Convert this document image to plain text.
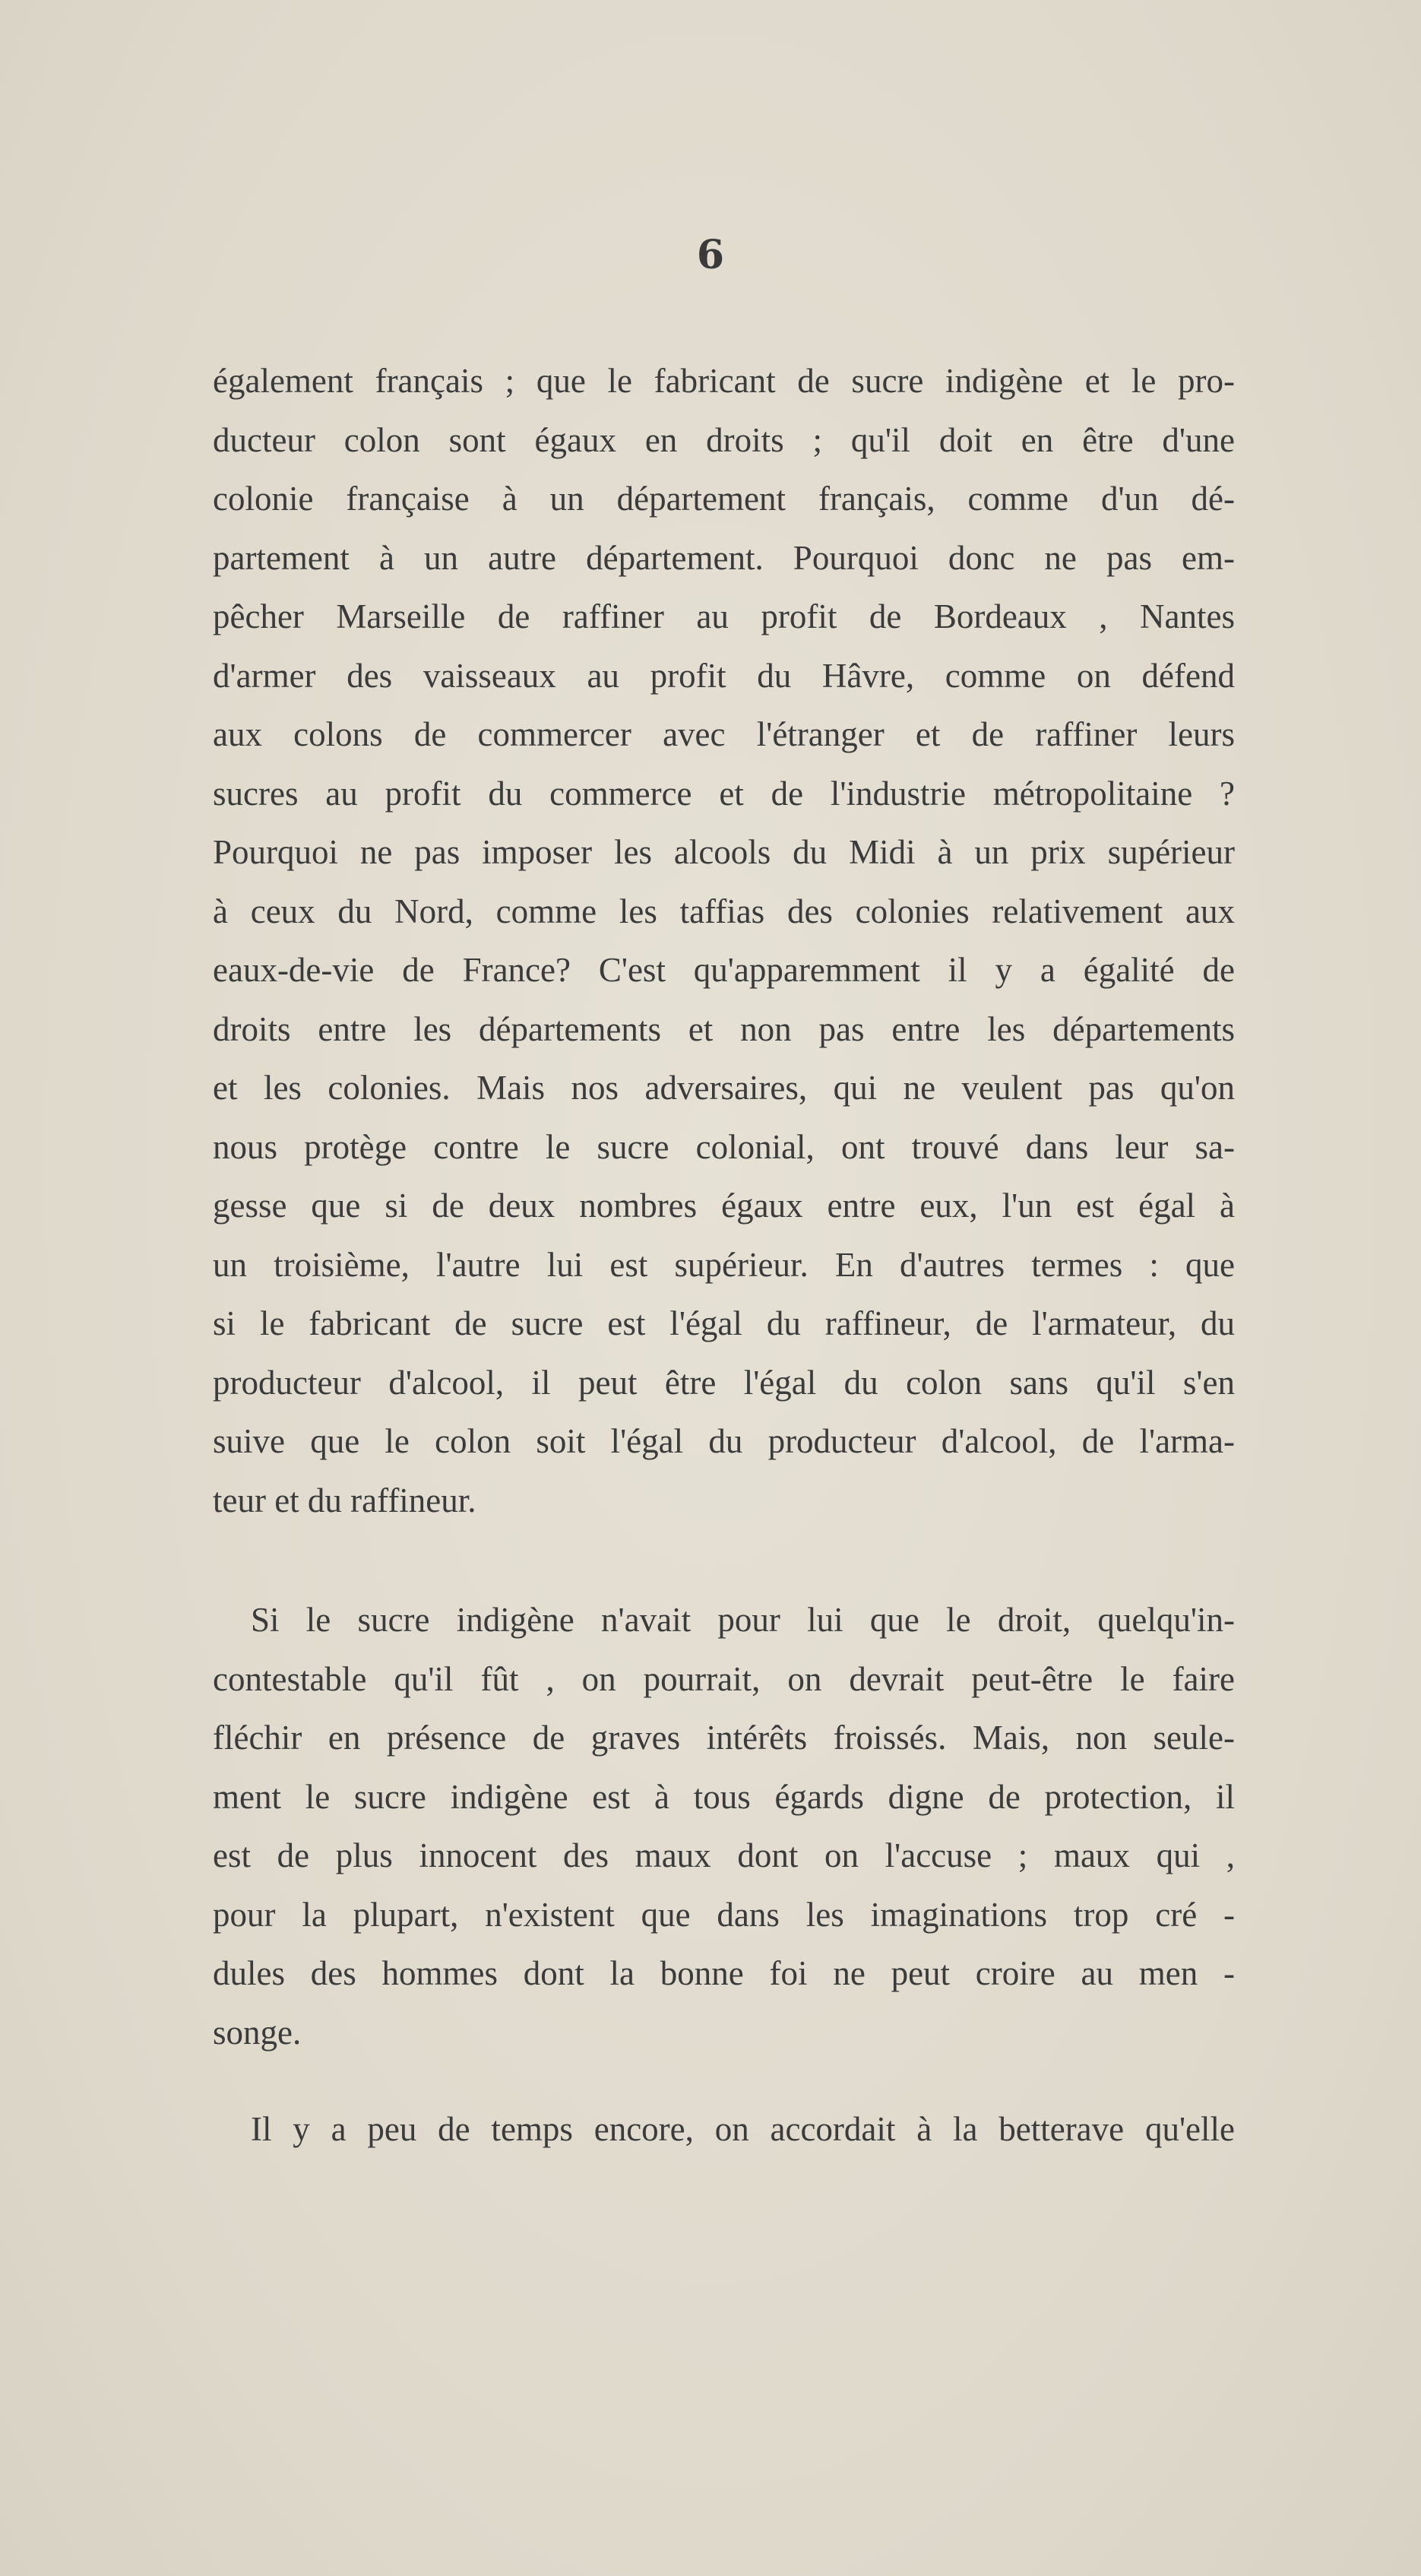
6
également français ; que le fabricant de sucre indigène et le pro-
ducteur colon sont égaux en droits ; qu'il doit en être d'une
colonie française à un département français, comme d'un dé-
partement à un autre département. Pourquoi donc ne pas em-
pêcher Marseille de raffiner au profit de Bordeaux , Nantes
d'armer des vaisseaux au profit du Hâvre, comme on défend
aux colons de commercer avec l'étranger et de raffiner leurs
sucres au profit du commerce et de l'industrie métropolitaine ?
Pourquoi ne pas imposer les alcools du Midi à un prix supérieur
à ceux du Nord, comme les taffias des colonies relativement aux
eaux-de-vie de France? C'est qu'apparemment il y a égalité de
droits entre les départements et non pas entre les départements
et les colonies. Mais nos adversaires, qui ne veulent pas qu'on
nous protège contre le sucre colonial, ont trouvé dans leur sa-
gesse que si de deux nombres égaux entre eux, l'un est égal à
un troisième, l'autre lui est supérieur. En d'autres termes : que
si le fabricant de sucre est l'égal du raffineur, de l'armateur, du
producteur d'alcool, il peut être l'égal du colon sans qu'il s'en
suive que le colon soit l'égal du producteur d'alcool, de l'arma-
teur et du raffineur.
Si le sucre indigène n'avait pour lui que le droit, quelqu'in-
contestable qu'il fût , on pourrait, on devrait peut-être le faire
fléchir en présence de graves intérêts froissés. Mais, non seule-
ment le sucre indigène est à tous égards digne de protection, il
est de plus innocent des maux dont on l'accuse ; maux qui ,
pour la plupart, n'existent que dans les imaginations trop cré -
dules des hommes dont la bonne foi ne peut croire au men -
songe.
Il y a peu de temps encore, on accordait à la betterave qu'elle
